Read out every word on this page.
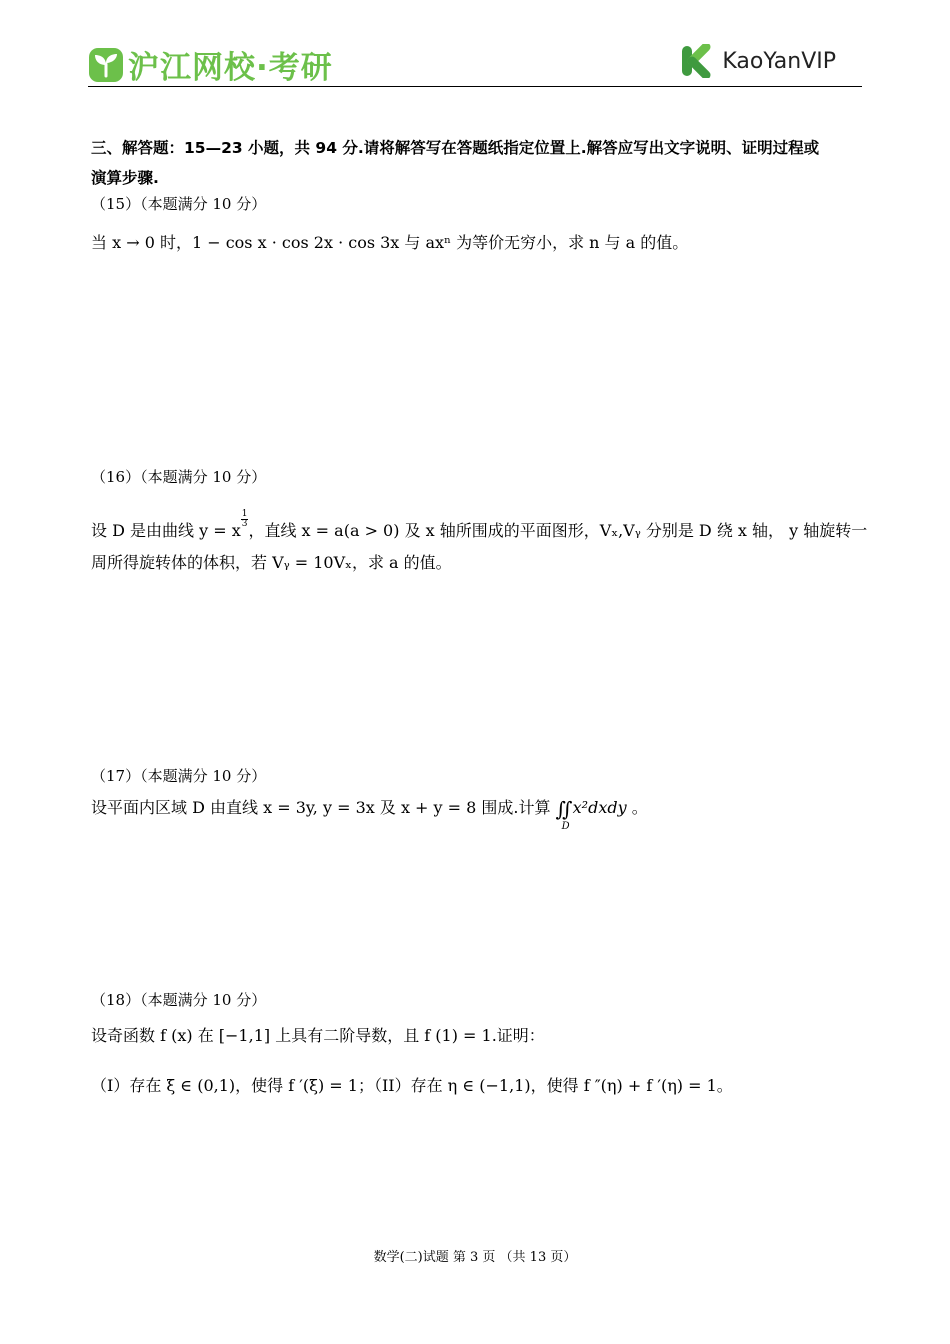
沪江网校·考研	KaoYanVIP
三、解答题：15—23 小题，共 94 分.请将解答写在答题纸指定位置上.解答应写出文字说明、证明过程或
演算步骤.
（15）（本题满分 10 分）
当 x → 0 时，1 − cos x · cos 2x · cos 3x 与 axⁿ 为等价无穷小，求 n 与 a 的值。
（16）（本题满分 10 分）
设 D 是由曲线 y = x
$\frac{1}{3}$
，直线 x = a(a > 0) 及 x 轴所围成的平面图形，Vₓ,Vᵧ 分别是 D 绕 x 轴， y 轴旋转一
周所得旋转体的体积，若 Vᵧ = 10Vₓ，求 a 的值。
（17）（本题满分 10 分）
设平面内区域 D 由直线 x = 3y, y = 3x 及 x + y = 8 围成.计算 ∬
D
x²dxdy 。
（18）（本题满分 10 分）
设奇函数 f (x) 在 [−1,1] 上具有二阶导数，且 f (1) = 1.证明：
（I）存在 ξ ∈ (0,1)，使得 f ′(ξ) = 1；（II）存在 η ∈ (−1,1)，使得 f ″(η) + f ′(η) = 1。
数学(二)试题 第 3 页 （共 13 页）
